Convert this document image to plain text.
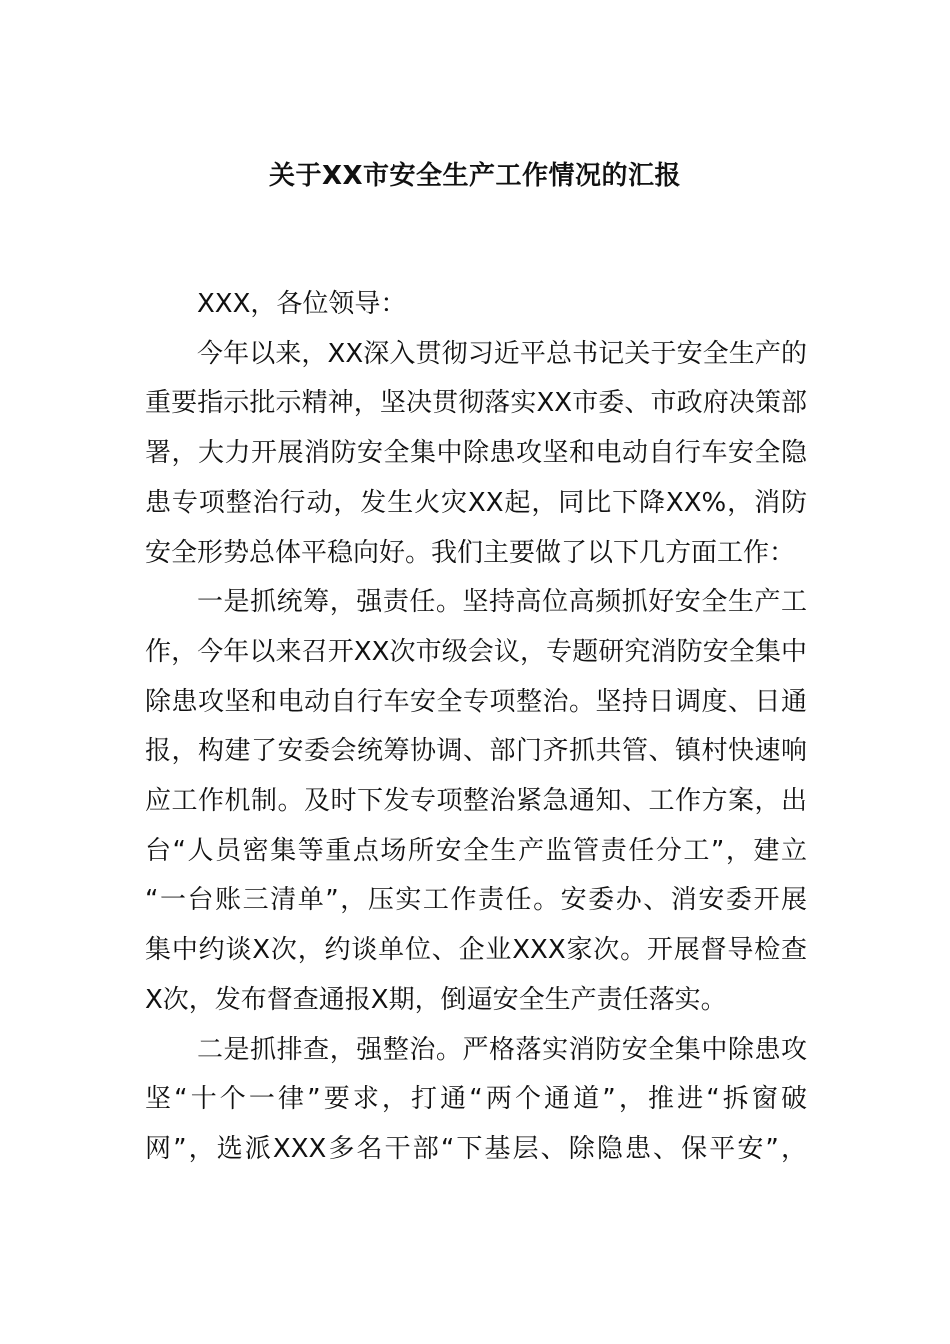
关于XX市安全生产工作情况的汇报
XXX，各位领导：
今年以来，XX深入贯彻习近平总书记关于安全生产的
重要指示批示精神，坚决贯彻落实XX市委、市政府决策部
署，大力开展消防安全集中除患攻坚和电动自行车安全隐
患专项整治行动，发生火灾XX起，同比下降XX%，消防
安全形势总体平稳向好。我们主要做了以下几方面工作：
一是抓统筹，强责任。坚持高位高频抓好安全生产工
作，今年以来召开XX次市级会议，专题研究消防安全集中
除患攻坚和电动自行车安全专项整治。坚持日调度、日通
报，构建了安委会统筹协调、部门齐抓共管、镇村快速响
应工作机制。及时下发专项整治紧急通知、工作方案，出
台“人员密集等重点场所安全生产监管责任分工”，建立
“一台账三清单”，压实工作责任。安委办、消安委开展
集中约谈X次，约谈单位、企业XXX家次。开展督导检查
X次，发布督查通报X期，倒逼安全生产责任落实。
二是抓排查，强整治。严格落实消防安全集中除患攻
坚“十个一律”要求，打通“两个通道”，推进“拆窗破
网”，选派XXX多名干部“下基层、除隐患、保平安”，
